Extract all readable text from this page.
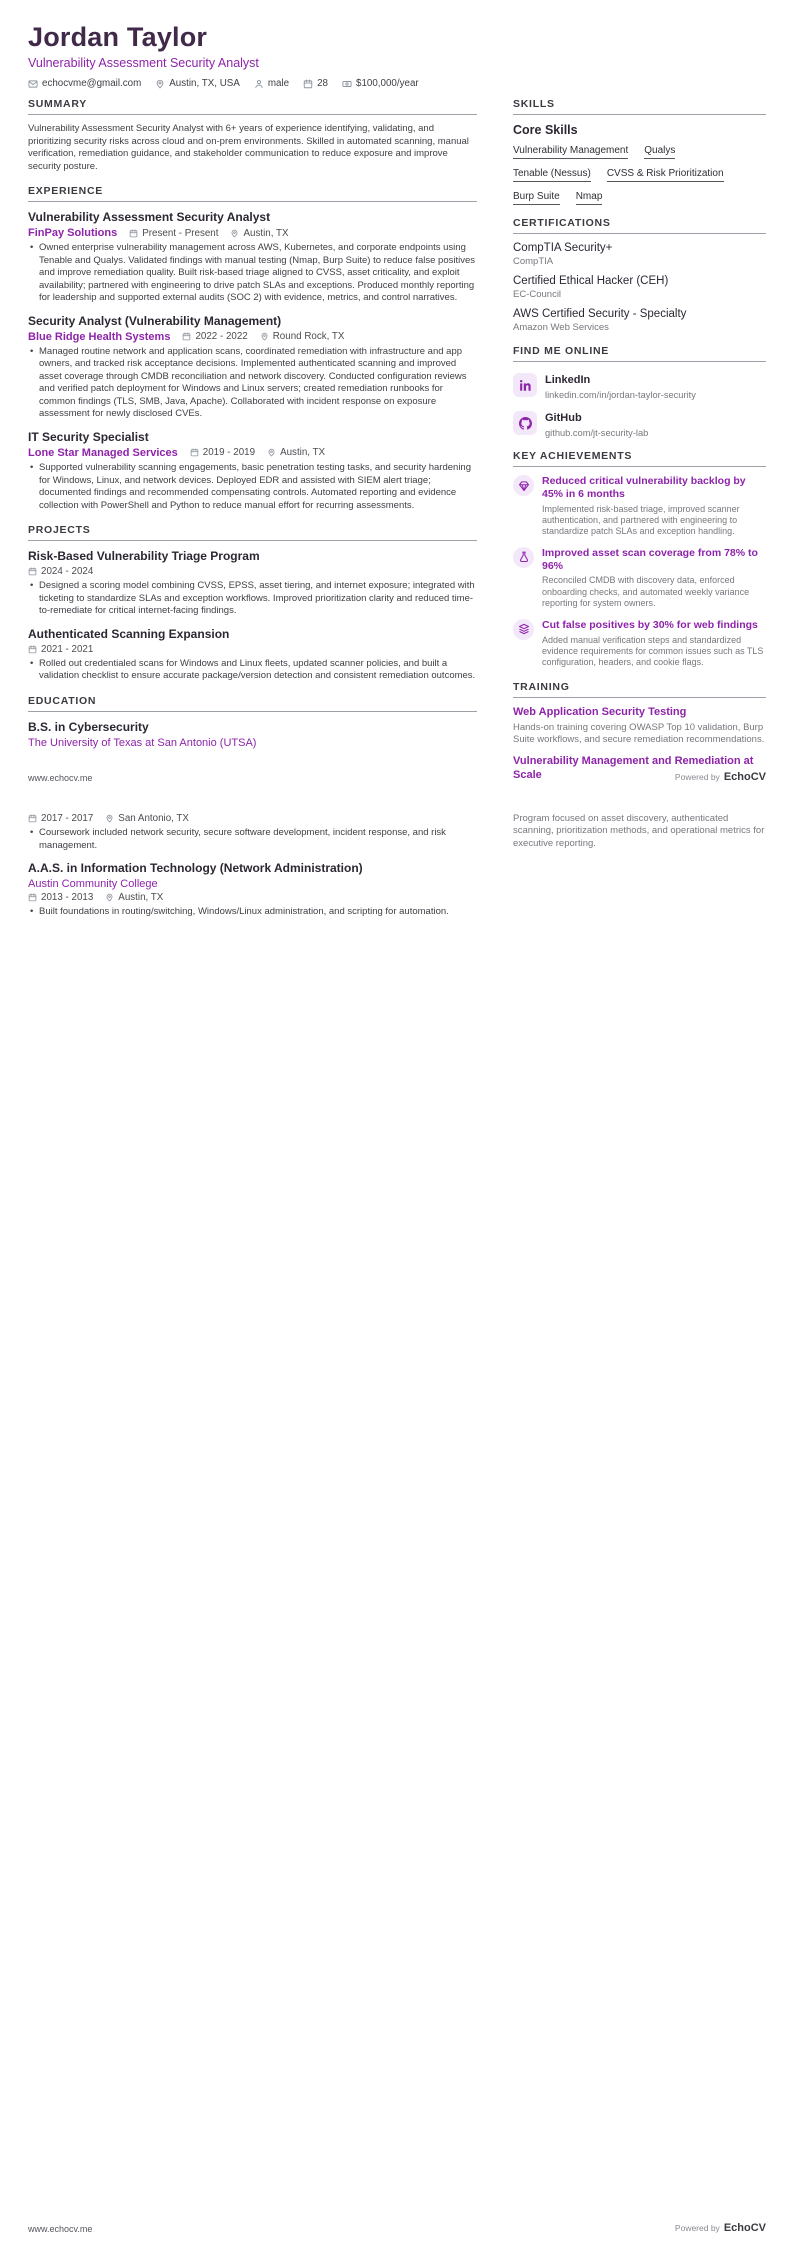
Jordan Taylor
Vulnerability Assessment Security Analyst
echocvme@gmail.com	Austin, TX, USA	male	28	$100,000/year
SUMMARY

Vulnerability Assessment Security Analyst with 6+ years of experience identifying, validating, and prioritizing security risks across cloud and on-prem environments. Skilled in automated scanning, manual verification, remediation guidance, and stakeholder communication to reduce exposure and improve security posture.

EXPERIENCE
Vulnerability Assessment Security Analyst
FinPay Solutions	Present - Present	Austin, TX
• Owned enterprise vulnerability management across AWS, Kubernetes, and corporate endpoints using Tenable and Qualys. Validated findings with manual testing (Nmap, Burp Suite) to reduce false positives and improve remediation quality. Built risk-based triage aligned to CVSS, asset criticality, and exploit availability; partnered with engineering to drive patch SLAs and exceptions. Produced monthly reporting for leadership and supported external audits (SOC 2) with evidence, metrics, and control narratives.
Security Analyst (Vulnerability Management)
Blue Ridge Health Systems	2022 - 2022	Round Rock, TX
• Managed routine network and application scans, coordinated remediation with infrastructure and app owners, and tracked risk acceptance decisions. Implemented authenticated scanning and improved asset coverage through CMDB reconciliation and network discovery. Conducted configuration reviews and verified patch deployment for Windows and Linux servers; created remediation runbooks for common findings (TLS, SMB, Java, Apache). Collaborated with incident response on exposure assessment for newly disclosed CVEs.
IT Security Specialist
Lone Star Managed Services	2019 - 2019	Austin, TX
• Supported vulnerability scanning engagements, basic penetration testing tasks, and security hardening for Windows, Linux, and network devices. Deployed EDR and assisted with SIEM alert triage; documented findings and recommended compensating controls. Automated reporting and evidence collection with PowerShell and Python to reduce manual effort for recurring assessments.
PROJECTS
Risk-Based Vulnerability Triage Program
2024 - 2024
• Designed a scoring model combining CVSS, EPSS, asset tiering, and internet exposure; integrated with ticketing to standardize SLAs and exception workflows. Improved prioritization clarity and reduced time-to-remediate for critical internet-facing findings.
Authenticated Scanning Expansion
2021 - 2021
• Rolled out credentialed scans for Windows and Linux fleets, updated scanner policies, and built a validation checklist to ensure accurate package/version detection and consistent remediation outcomes.
EDUCATION
B.S. in Cybersecurity
The University of Texas at San Antonio (UTSA)
SKILLS
Core Skills
Vulnerability Management Qualys
Tenable (Nessus) CVSS & Risk Prioritization
Burp Suite Nmap
CERTIFICATIONS
CompTIA Security+
CompTIA
Certified Ethical Hacker (CEH)
EC-Council
AWS Certified Security - Specialty
Amazon Web Services
FIND ME ONLINE
LinkedIn
linkedin.com/in/jordan-taylor-security
GitHub
github.com/jt-security-lab
KEY ACHIEVEMENTS
Reduced critical vulnerability backlog by 45% in 6 months
Implemented risk-based triage, improved scanner authentication, and partnered with engineering to standardize patch SLAs and exception handling.
Improved asset scan coverage from 78% to 96%
Reconciled CMDB with discovery data, enforced onboarding checks, and automated weekly variance reporting for system owners.
Cut false positives by 30% for web findings
Added manual verification steps and standardized evidence requirements for common issues such as TLS configuration, headers, and cookie flags.
TRAINING
Web Application Security Testing
Hands-on training covering OWASP Top 10 validation, Burp Suite workflows, and secure remediation recommendations.
Vulnerability Management and Remediation at Scale
www.echocv.me	Powered by EchoCV
2017 - 2017	San Antonio, TX
• Coursework included network security, secure software development, incident response, and risk management.
A.A.S. in Information Technology (Network Administration)
Austin Community College
2013 - 2013	Austin, TX
• Built foundations in routing/switching, Windows/Linux administration, and scripting for automation.
Program focused on asset discovery, authenticated scanning, prioritization methods, and operational metrics for executive reporting.
www.echocv.me	Powered by EchoCV
